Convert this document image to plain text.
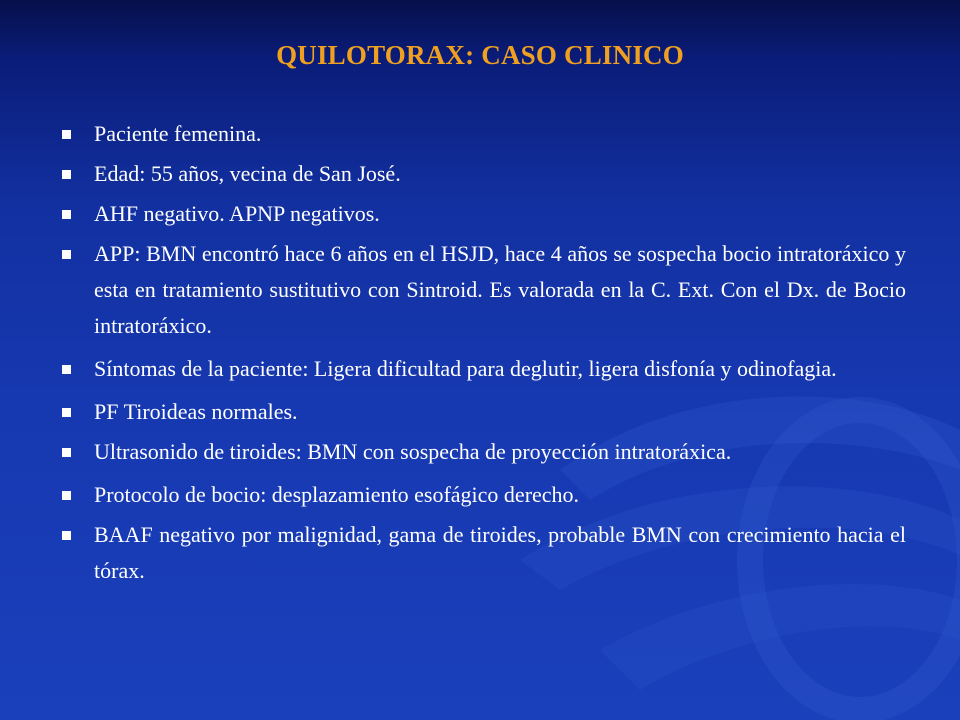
QUILOTORAX: CASO CLINICO
Paciente femenina.
Edad: 55 años, vecina de San José.
AHF negativo. APNP negativos.
APP: BMN encontró hace 6 años en el HSJD, hace 4 años se sospecha bocio intratoráxico y esta en tratamiento sustitutivo con Sintroid. Es valorada en la C. Ext. Con el Dx. de Bocio intratoráxico.
Síntomas de la paciente: Ligera dificultad para deglutir, ligera disfonía y odinofagia.
PF Tiroideas normales.
Ultrasonido de tiroides: BMN con sospecha de proyección intratoráxica.
Protocolo de bocio: desplazamiento esofágico derecho.
BAAF negativo por malignidad, gama de tiroides, probable BMN con crecimiento hacia el tórax.
